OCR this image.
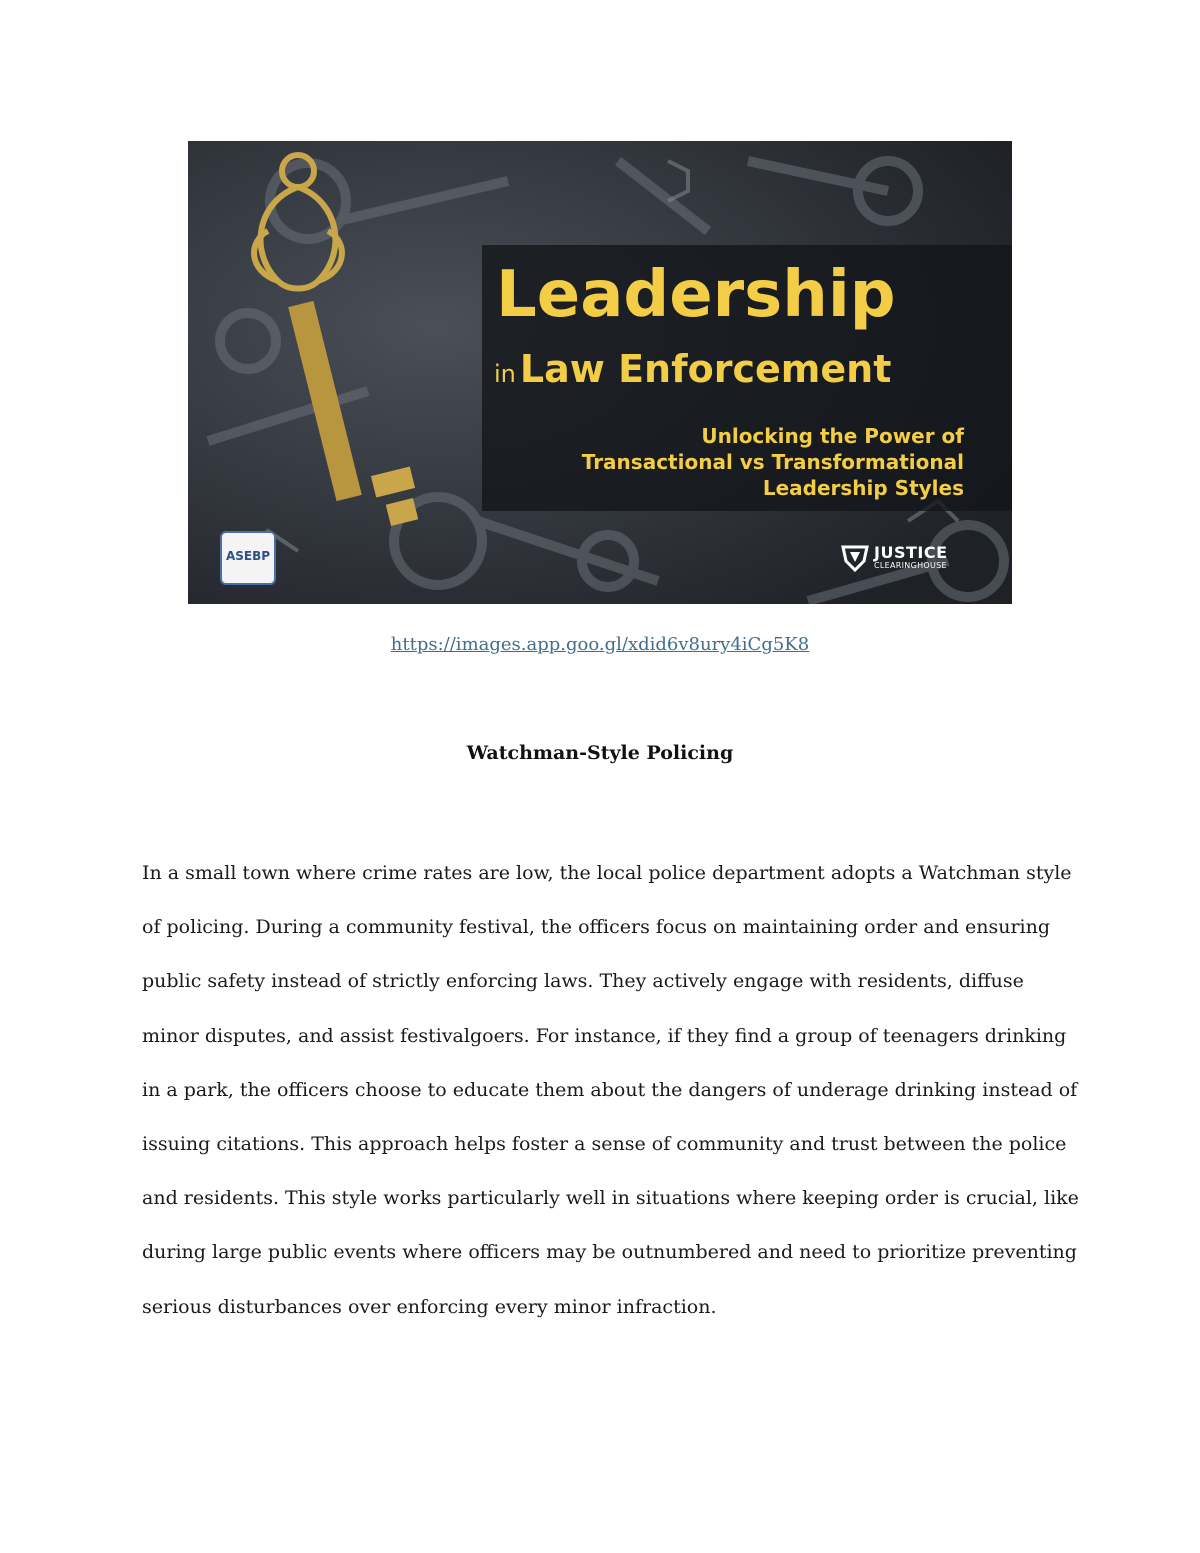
Leadership
in Law Enforcement
Unlocking the Power of
Transactional vs Transformational
Leadership Styles
ASEBP	JUSTICE
CLEARINGHOUSE
https://images.app.goo.gl/xdid6v8ury4iCg5K8
Watchman-Style Policing
In a small town where crime rates are low, the local police department adopts a Watchman style
of policing. During a community festival, the officers focus on maintaining order and ensuring
public safety instead of strictly enforcing laws. They actively engage with residents, diffuse
minor disputes, and assist festivalgoers. For instance, if they find a group of teenagers drinking
in a park, the officers choose to educate them about the dangers of underage drinking instead of
issuing citations. This approach helps foster a sense of community and trust between the police
and residents. This style works particularly well in situations where keeping order is crucial, like
during large public events where officers may be outnumbered and need to prioritize preventing
serious disturbances over enforcing every minor infraction.
